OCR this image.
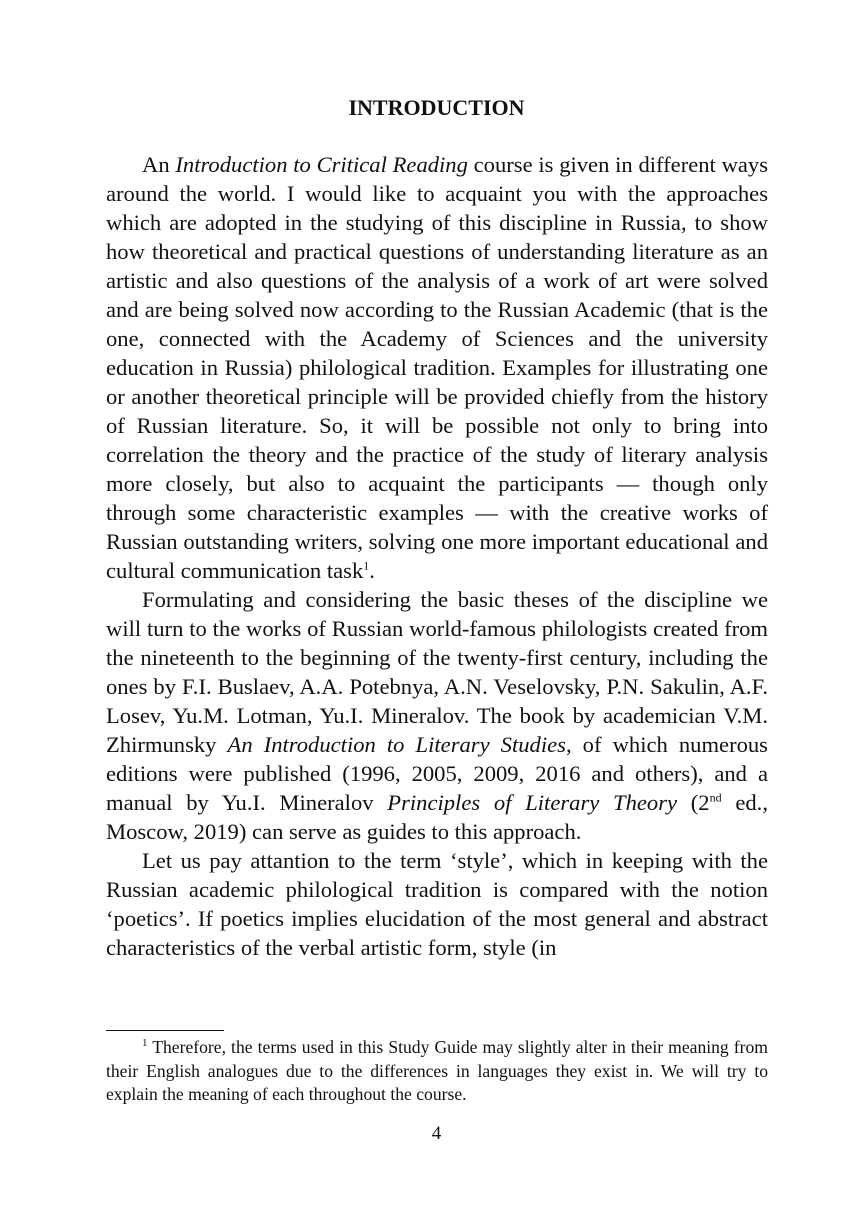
INTRODUCTION

An Introduction to Critical Reading course is given in different ways around the world. I would like to acquaint you with the approaches which are adopted in the studying of this discipline in Russia, to show how theoretical and practical questions of understanding literature as an artistic and also questions of the analysis of a work of art were solved and are being solved now according to the Russian Academic (that is the one, connected with the Academy of Sciences and the university education in Russia) philological tradition. Examples for illustrating one or another theoretical principle will be provided chiefly from the history of Russian literature. So, it will be possible not only to bring into correlation the theory and the practice of the study of literary analysis more closely, but also to acquaint the participants — though only through some characteristic examples — with the creative works of Russian outstanding writers, solving one more important educational and cultural communication task$^1$.

Formulating and considering the basic theses of the discipline we will turn to the works of Russian world-famous philologists created from the nineteenth to the beginning of the twenty-first century, including the ones by F.I. Buslaev, A.A. Potebnya, A.N. Veselovsky, P.N. Sakulin, A.F. Losev, Yu.M. Lotman, Yu.I. Mineralov. The book by academician V.M. Zhirmunsky An Introduction to Literary Studies, of which numerous editions were published (1996, 2005, 2009, 2016 and others), and a manual by Yu.I. Mineralov Principles of Literary Theory (2nd ed., Moscow, 2019) can serve as guides to this approach.

Let us pay attantion to the term ‘style’, which in keeping with the Russian academic philological tradition is compared with the notion ‘poetics’. If poetics implies elucidation of the most general and abstract characteristics of the verbal artistic form, style (in

$^1$ Therefore, the terms used in this Study Guide may slightly alter in their meaning from their English analogues due to the differences in languages they exist in. We will try to explain the meaning of each throughout the course.

4
